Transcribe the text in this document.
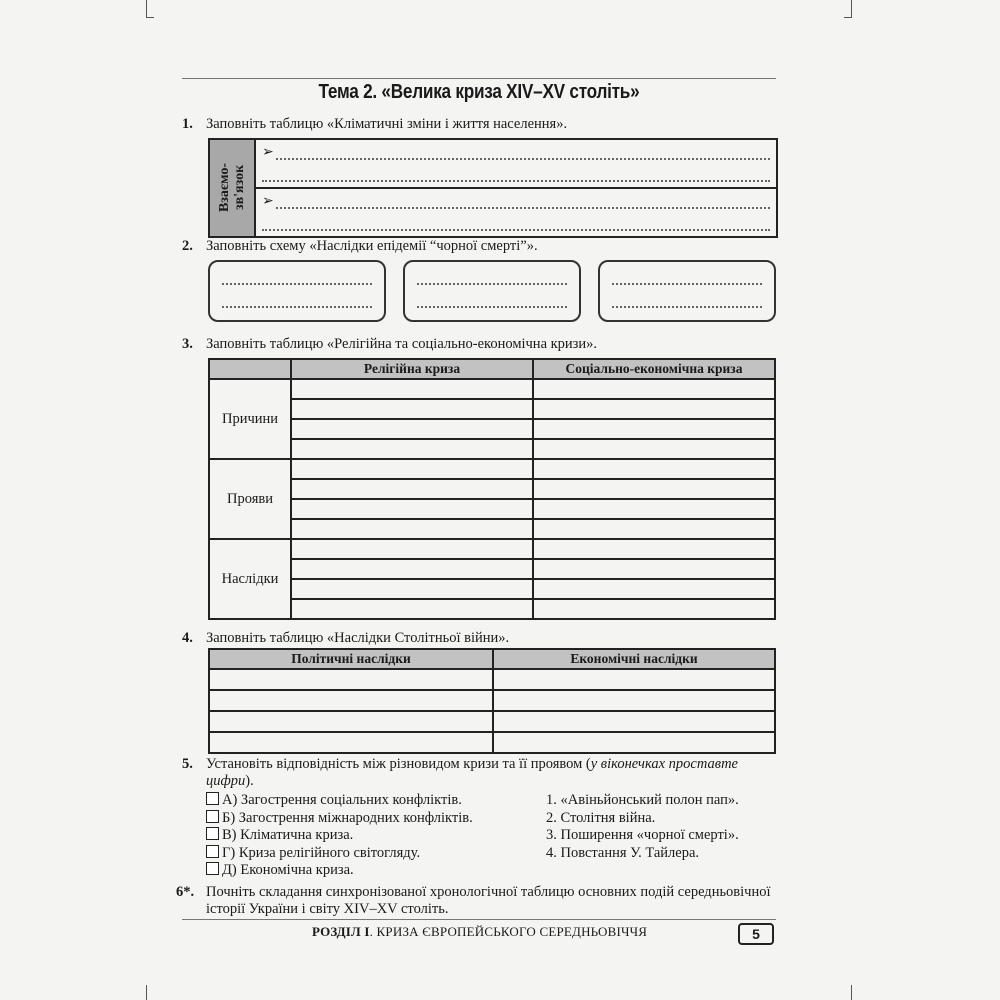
Тема 2. «Велика криза XIV–XV століть»
1. Заповніть таблицю «Кліматичні зміни і життя населення».
Взаємо-
зв'язок
➢
➢
2. Заповніть схему «Наслідки епідемії “чорної смерті”».
3. Заповніть таблицю «Релігійна та соціально-економічна кризи».
	Релігійна криза	Соціально-економічна криза
Причини		

Прояви		

Наслідки		

4. Заповніть таблицю «Наслідки Столітньої війни».
Політичні наслідки	Економічні наслідки

5. Установіть відповідність між різновидом кризи та її проявом (у віконечках проставте цифри).
А) Загострення соціальних конфліктів.
Б) Загострення міжнародних конфліктів.
В) Кліматична криза.
Г) Криза релігійного світогляду.
Д) Економічна криза.
1. «Авіньйонський полон пап».
2. Столітня війна.
3. Поширення «чорної смерті».
4. Повстання У. Тайлера.
6*. Почніть складання синхронізованої хронологічної таблицю основних подій середньовічної історії України і світу XIV–XV століть.
РОЗДІЛ І. КРИЗА ЄВРОПЕЙСЬКОГО СЕРЕДНЬОВІЧЧЯ	5
